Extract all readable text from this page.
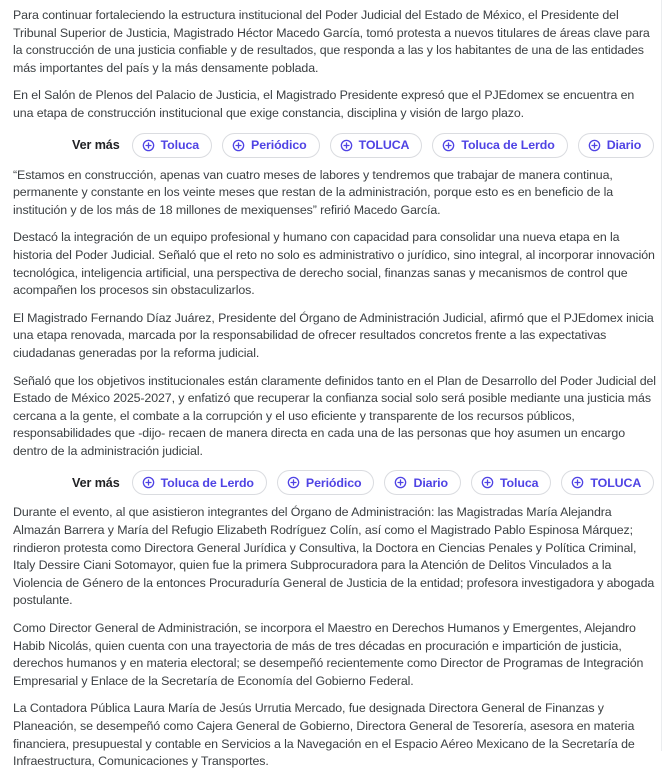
Para continuar fortaleciendo la estructura institucional del Poder Judicial del Estado de México, el Presidente del Tribunal Superior de Justicia, Magistrado Héctor Macedo García, tomó protesta a nuevos titulares de áreas clave para la construcción de una justicia confiable y de resultados, que responda a las y los habitantes de una de las entidades más importantes del país y la más densamente poblada.

En el Salón de Plenos del Palacio de Justicia, el Magistrado Presidente expresó que el PJEdomex se encuentra en una etapa de construcción institucional que exige constancia, disciplina y visión de largo plazo.

Ver más	Toluca	Periódico	TOLUCA	Toluca de Lerdo	Diario

“Estamos en construcción, apenas van cuatro meses de labores y tendremos que trabajar de manera continua, permanente y constante en los veinte meses que restan de la administración, porque esto es en beneficio de la institución y de los más de 18 millones de mexiquenses” refirió Macedo García.

Destacó la integración de un equipo profesional y humano con capacidad para consolidar una nueva etapa en la historia del Poder Judicial. Señaló que el reto no solo es administrativo o jurídico, sino integral, al incorporar innovación tecnológica, inteligencia artificial, una perspectiva de derecho social, finanzas sanas y mecanismos de control que acompañen los procesos sin obstaculizarlos.

El Magistrado Fernando Díaz Juárez, Presidente del Órgano de Administración Judicial, afirmó que el PJEdomex inicia una etapa renovada, marcada por la responsabilidad de ofrecer resultados concretos frente a las expectativas ciudadanas generadas por la reforma judicial.

Señaló que los objetivos institucionales están claramente definidos tanto en el Plan de Desarrollo del Poder Judicial del Estado de México 2025-2027, y enfatizó que recuperar la confianza social solo será posible mediante una justicia más cercana a la gente, el combate a la corrupción y el uso eficiente y transparente de los recursos públicos, responsabilidades que -dijo- recaen de manera directa en cada una de las personas que hoy asumen un encargo dentro de la administración judicial.

Ver más	Toluca de Lerdo	Periódico	Diario	Toluca	TOLUCA

Durante el evento, al que asistieron integrantes del Órgano de Administración: las Magistradas María Alejandra Almazán Barrera y María del Refugio Elizabeth Rodríguez Colín, así como el Magistrado Pablo Espinosa Márquez; rindieron protesta como Directora General Jurídica y Consultiva, la Doctora en Ciencias Penales y Política Criminal, Italy Dessire Ciani Sotomayor, quien fue la primera Subprocuradora para la Atención de Delitos Vinculados a la Violencia de Género de la entonces Procuraduría General de Justicia de la entidad; profesora investigadora y abogada postulante.

Como Director General de Administración, se incorpora el Maestro en Derechos Humanos y Emergentes, Alejandro Habib Nicolás, quien cuenta con una trayectoria de más de tres décadas en procuración e impartición de justicia, derechos humanos y en materia electoral; se desempeñó recientemente como Director de Programas de Integración Empresarial y Enlace de la Secretaría de Economía del Gobierno Federal.

La Contadora Pública Laura María de Jesús Urrutia Mercado, fue designada Directora General de Finanzas y Planeación, se desempeñó como Cajera General de Gobierno, Directora General de Tesorería, asesora en materia financiera, presupuestal y contable en Servicios a la Navegación en el Espacio Aéreo Mexicano de la Secretaría de Infraestructura, Comunicaciones y Transportes.
